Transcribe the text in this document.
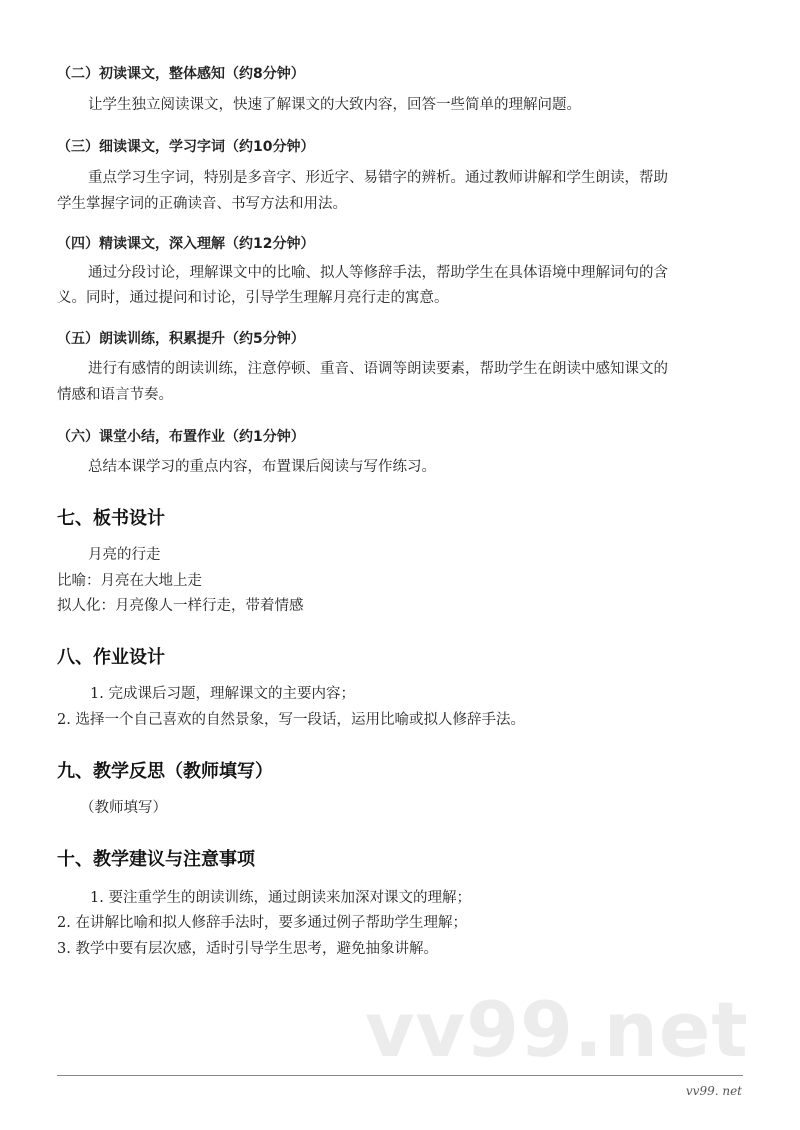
（二）初读课文，整体感知（约8分钟）
让学生独立阅读课文，快速了解课文的大致内容，回答一些简单的理解问题。
（三）细读课文，学习字词（约10分钟）
重点学习生字词，特别是多音字、形近字、易错字的辨析。通过教师讲解和学生朗读，帮助
学生掌握字词的正确读音、书写方法和用法。
（四）精读课文，深入理解（约12分钟）
通过分段讨论，理解课文中的比喻、拟人等修辞手法，帮助学生在具体语境中理解词句的含
义。同时，通过提问和讨论，引导学生理解月亮行走的寓意。
（五）朗读训练，积累提升（约5分钟）
进行有感情的朗读训练，注意停顿、重音、语调等朗读要素，帮助学生在朗读中感知课文的
情感和语言节奏。
（六）课堂小结，布置作业（约1分钟）
总结本课学习的重点内容，布置课后阅读与写作练习。
七、板书设计
月亮的行走
比喻：月亮在大地上走
拟人化：月亮像人一样行走，带着情感
八、作业设计
1. 完成课后习题，理解课文的主要内容；
2. 选择一个自己喜欢的自然景象，写一段话，运用比喻或拟人修辞手法。
九、教学反思（教师填写）
（教师填写）
十、教学建议与注意事项
1. 要注重学生的朗读训练，通过朗读来加深对课文的理解；
2. 在讲解比喻和拟人修辞手法时，要多通过例子帮助学生理解；
3. 教学中要有层次感，适时引导学生思考，避免抽象讲解。
vv99.net
vv99. net
